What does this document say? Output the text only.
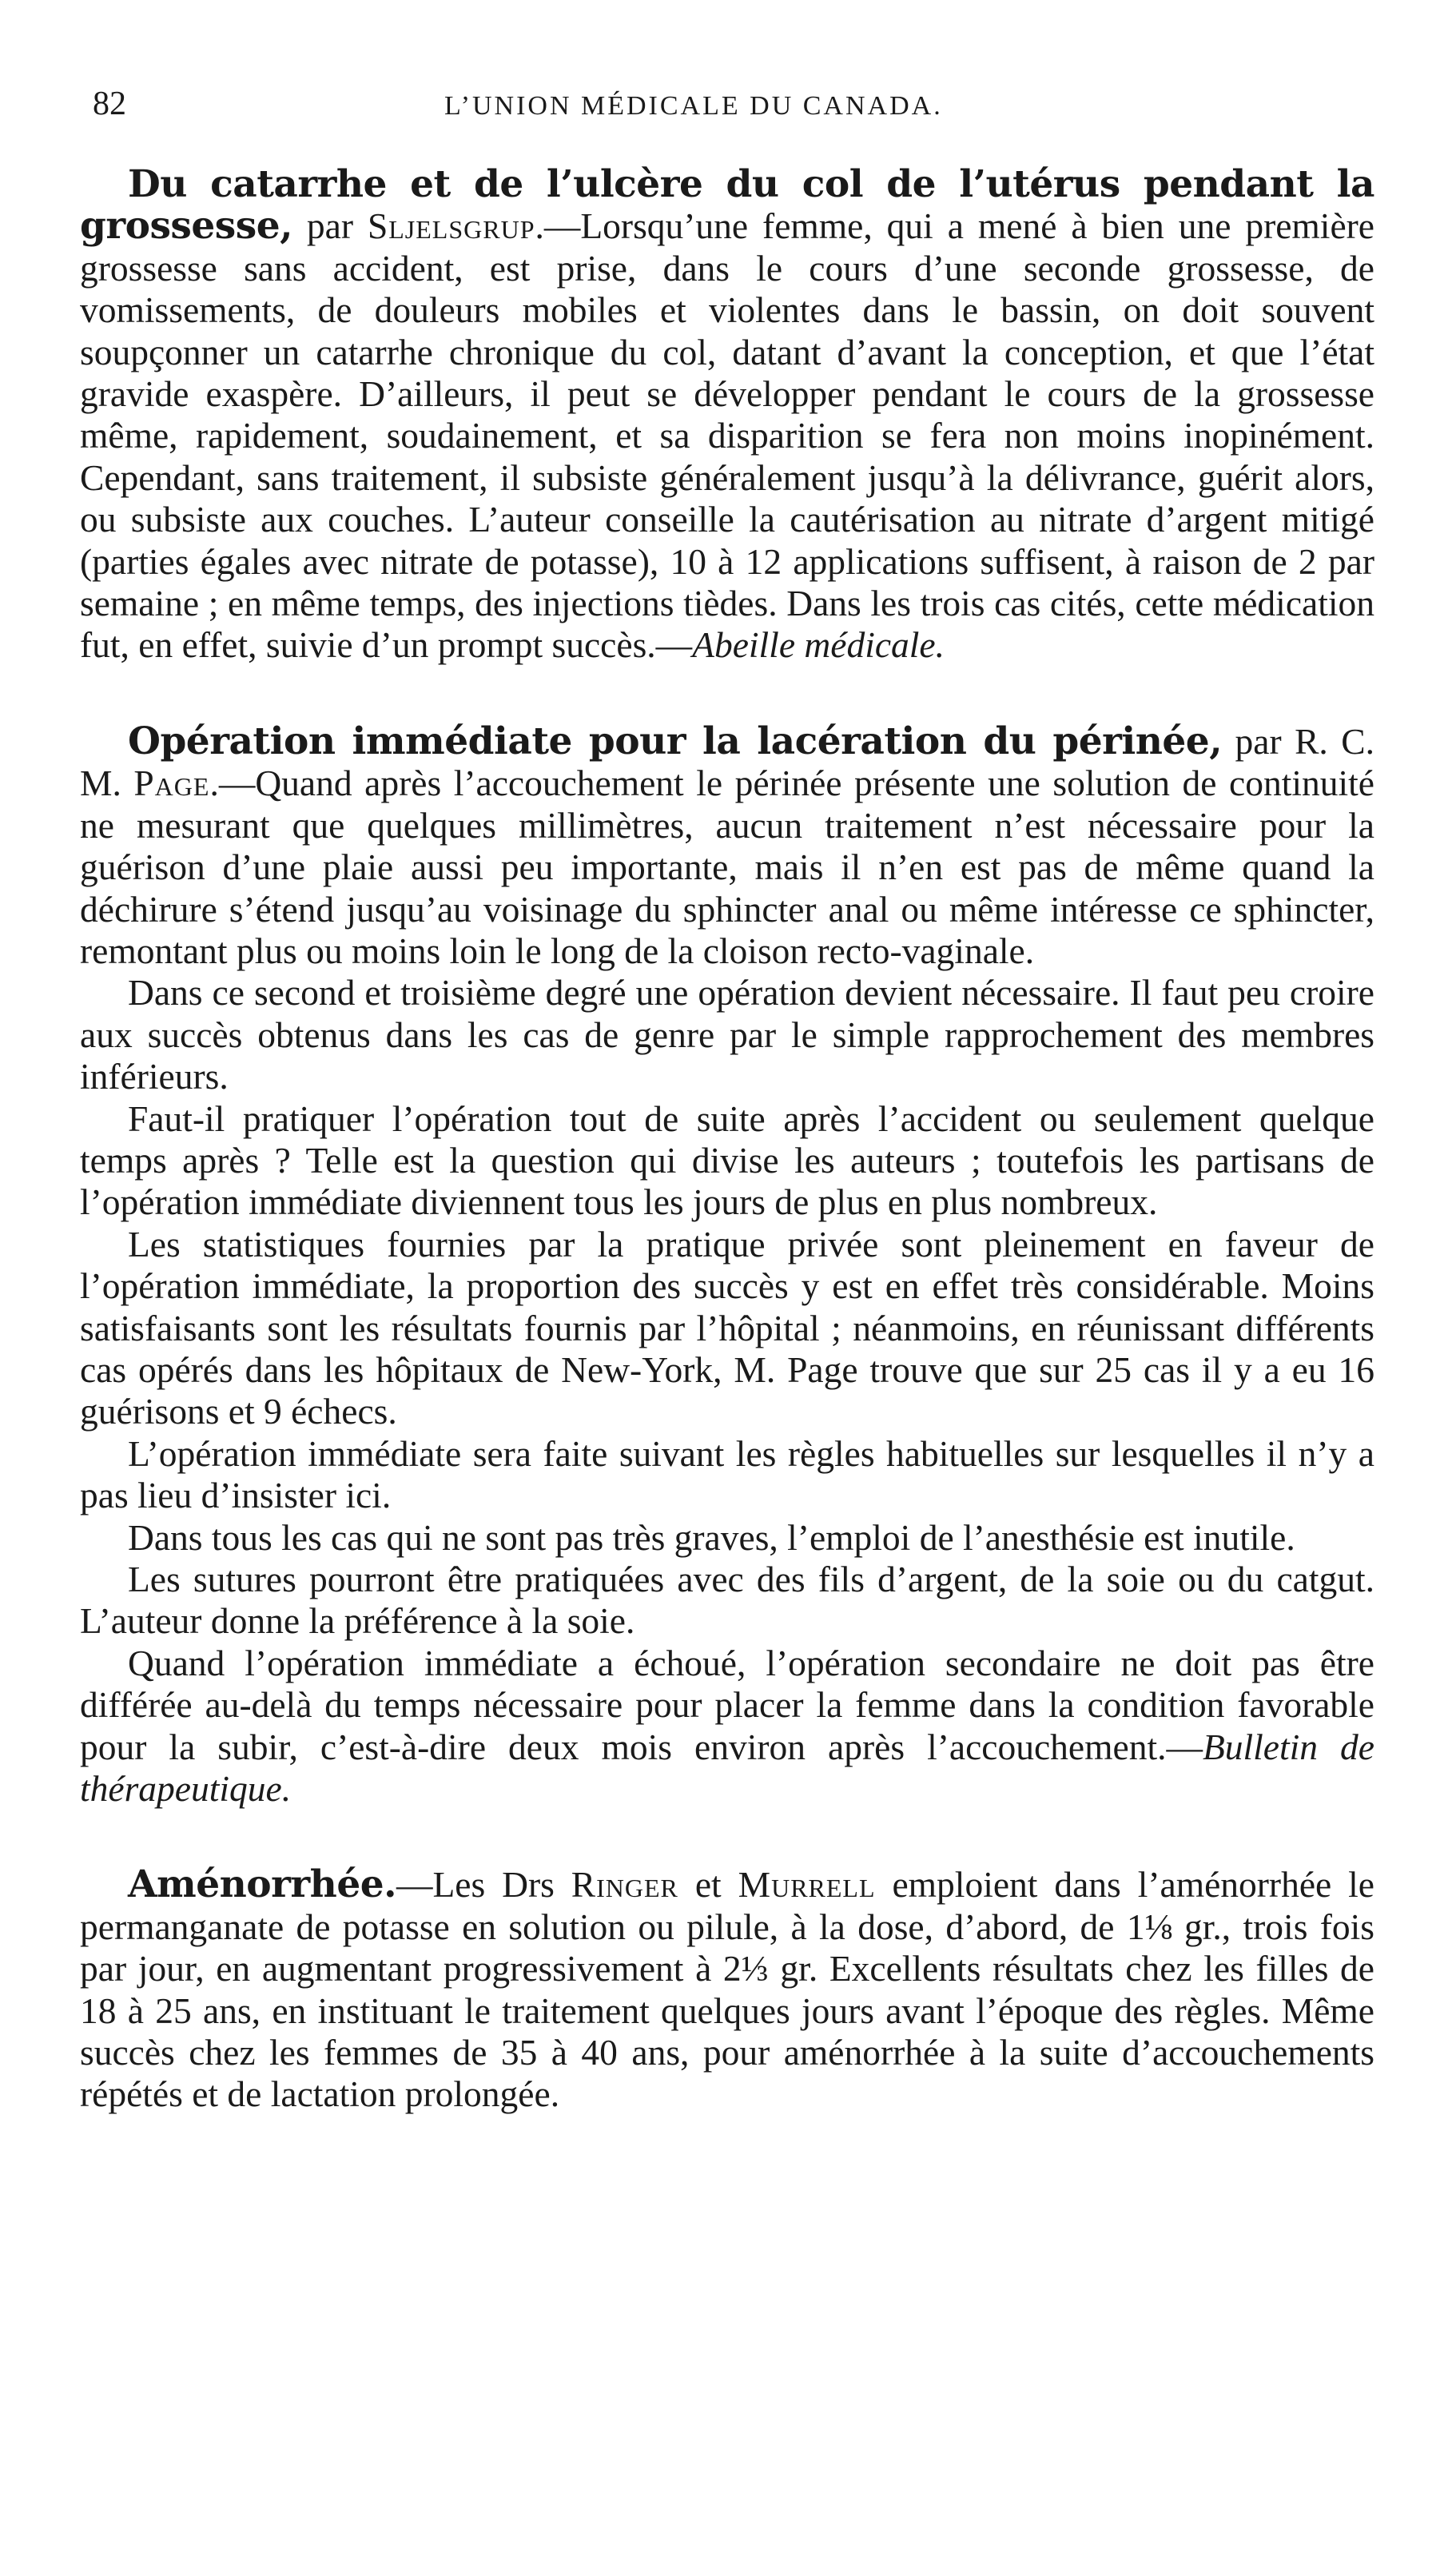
82	L’UNION MÉDICALE DU CANADA.

Du catarrhe et de l’ulcère du col de l’utérus pendant la grossesse, par Sljelsgrup.—Lorsqu’une femme, qui a mené à bien une première grossesse sans accident, est prise, dans le cours d’une seconde grossesse, de vomissements, de douleurs mobiles et violentes dans le bassin, on doit souvent soupçonner un catarrhe chronique du col, datant d’avant la conception, et que l’état gravide exaspère. D’ailleurs, il peut se développer pendant le cours de la grossesse même, rapidement, soudainement, et sa disparition se fera non moins inopinément. Cependant, sans traitement, il subsiste généralement jusqu’à la délivrance, guérit alors, ou subsiste aux couches. L’auteur conseille la cautérisation au nitrate d’argent mitigé (parties égales avec nitrate de potasse), 10 à 12 applications suffisent, à raison de 2 par semaine ; en même temps, des injections tièdes. Dans les trois cas cités, cette médication fut, en effet, suivie d’un prompt succès.—Abeille médicale.

Opération immédiate pour la lacération du périnée, par R. C. M. Page.—Quand après l’accouchement le périnée présente une solution de continuité ne mesurant que quelques millimètres, aucun traitement n’est nécessaire pour la guérison d’une plaie aussi peu importante, mais il n’en est pas de même quand la déchirure s’étend jusqu’au voisinage du sphincter anal ou même intéresse ce sphincter, remontant plus ou moins loin le long de la cloison recto-vaginale.

Dans ce second et troisième degré une opération devient nécessaire. Il faut peu croire aux succès obtenus dans les cas de genre par le simple rapprochement des membres inférieurs.

Faut-il pratiquer l’opération tout de suite après l’accident ou seulement quelque temps après ? Telle est la question qui divise les auteurs ; toutefois les partisans de l’opération immédiate diviennent tous les jours de plus en plus nombreux.

Les statistiques fournies par la pratique privée sont pleinement en faveur de l’opération immédiate, la proportion des succès y est en effet très considérable. Moins satisfaisants sont les résultats fournis par l’hôpital ; néanmoins, en réunissant différents cas opérés dans les hôpitaux de New-York, M. Page trouve que sur 25 cas il y a eu 16 guérisons et 9 échecs.

L’opération immédiate sera faite suivant les règles habituelles sur lesquelles il n’y a pas lieu d’insister ici.

Dans tous les cas qui ne sont pas très graves, l’emploi de l’anesthésie est inutile.

Les sutures pourront être pratiquées avec des fils d’argent, de la soie ou du catgut. L’auteur donne la préférence à la soie.

Quand l’opération immédiate a échoué, l’opération secondaire ne doit pas être différée au-delà du temps nécessaire pour placer la femme dans la condition favorable pour la subir, c’est-à-dire deux mois environ après l’accouchement.—Bulletin de thérapeutique.

Aménorrhée.—Les Drs Ringer et Murrell emploient dans l’aménorrhée le permanganate de potasse en solution ou pilule, à la dose, d’abord, de 1⅛ gr., trois fois par jour, en augmentant progressivement à 2⅓ gr. Excellents résultats chez les filles de 18 à 25 ans, en instituant le traitement quelques jours avant l’époque des règles. Même succès chez les femmes de 35 à 40 ans, pour aménorrhée à la suite d’accouchements répétés et de lactation prolongée.
